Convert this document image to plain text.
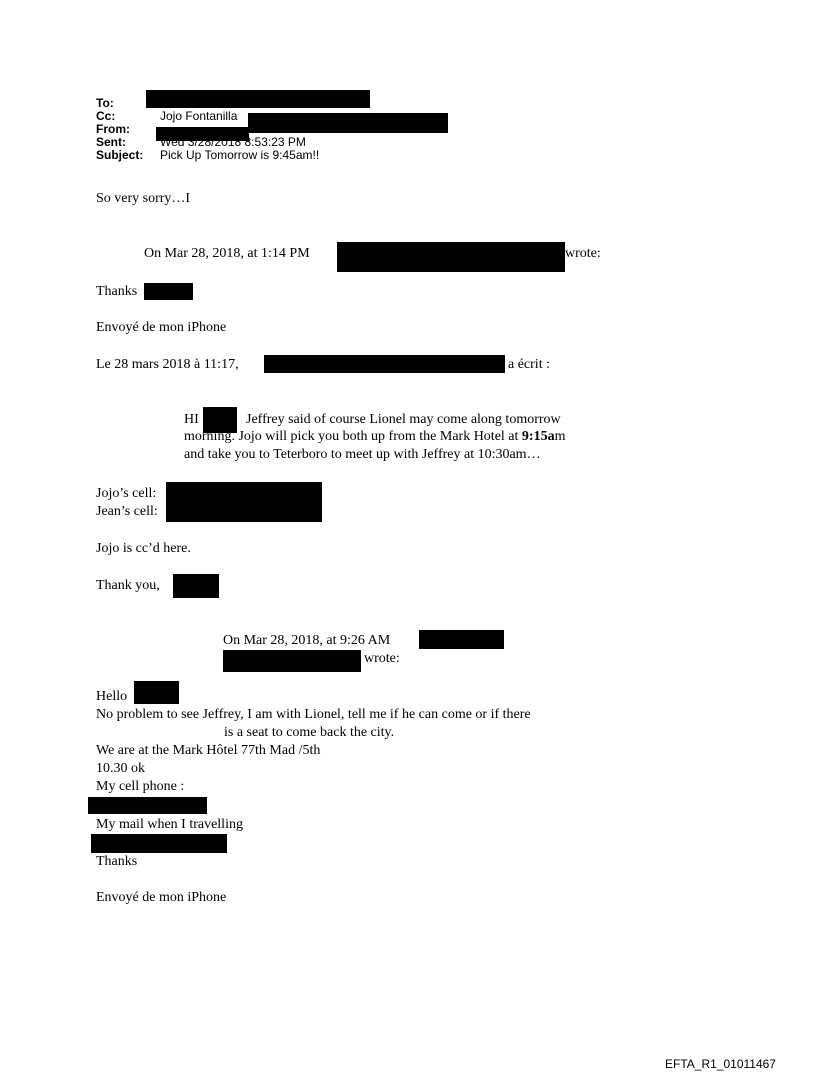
To:
Cc:	Jojo Fontanilla
From:
Sent:	Wed 3/28/2018 8:53:23 PM
Subject: Pick Up Tomorrow is 9:45am!!
So very sorry…I
On Mar 28, 2018, at 1:14 PM	wrote:
Thanks
Envoyé de mon iPhone
Le 28 mars 2018 à 11:17,	a écrit :
HI	Jeffrey said of course Lionel may come along tomorrow
morning. Jojo will pick you both up from the Mark Hotel at 9:15am
and take you to Teterboro to meet up with Jeffrey at 10:30am…
Jojo’s cell:
Jean’s cell:
Jojo is cc’d here.
Thank you,
On Mar 28, 2018, at 9:26 AM
wrote:
Hello
No problem to see Jeffrey, I am with Lionel, tell me if he can come or if there
is a seat to come back the city.
We are at the Mark Hôtel 77th Mad /5th
10.30 ok
My cell phone :
My mail when I travelling
Thanks
Envoyé de mon iPhone
EFTA_R1_01011467
